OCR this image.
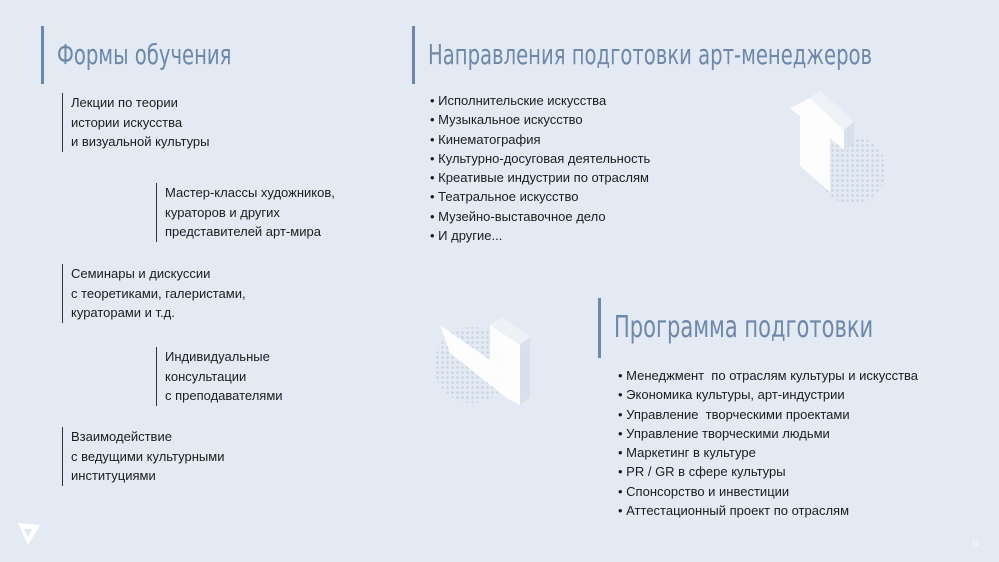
Формы обучения
Лекции по теории
истории искусства
и визуальной культуры
Мастер-классы художников,
кураторов и других
представителей арт-мира
Семинары и дискуссии
с теоретиками, галеристами,
кураторами и т.д.
Индивидуальные
консультации
с преподавателями
Взаимодействие
с ведущими культурными
институциями
Направления подготовки арт-менеджеров
• Исполнительские искусства
• Музыкальное искусство
• Кинематография
• Культурно-досуговая деятельность
• Креативые индустрии по отраслям
• Театральное искусство
• Музейно-выставочное дело
• И другие...
Программа подготовки
• Менеджмент  по отраслям культуры и искусства
• Экономика культуры, арт-индустрии
• Управление  творческими проектами
• Управление творческими людьми
• Маркетинг в культуре
• PR / GR в сфере культуры
• Спонсорство и инвестиции
• Аттестационный проект по отраслям
11
